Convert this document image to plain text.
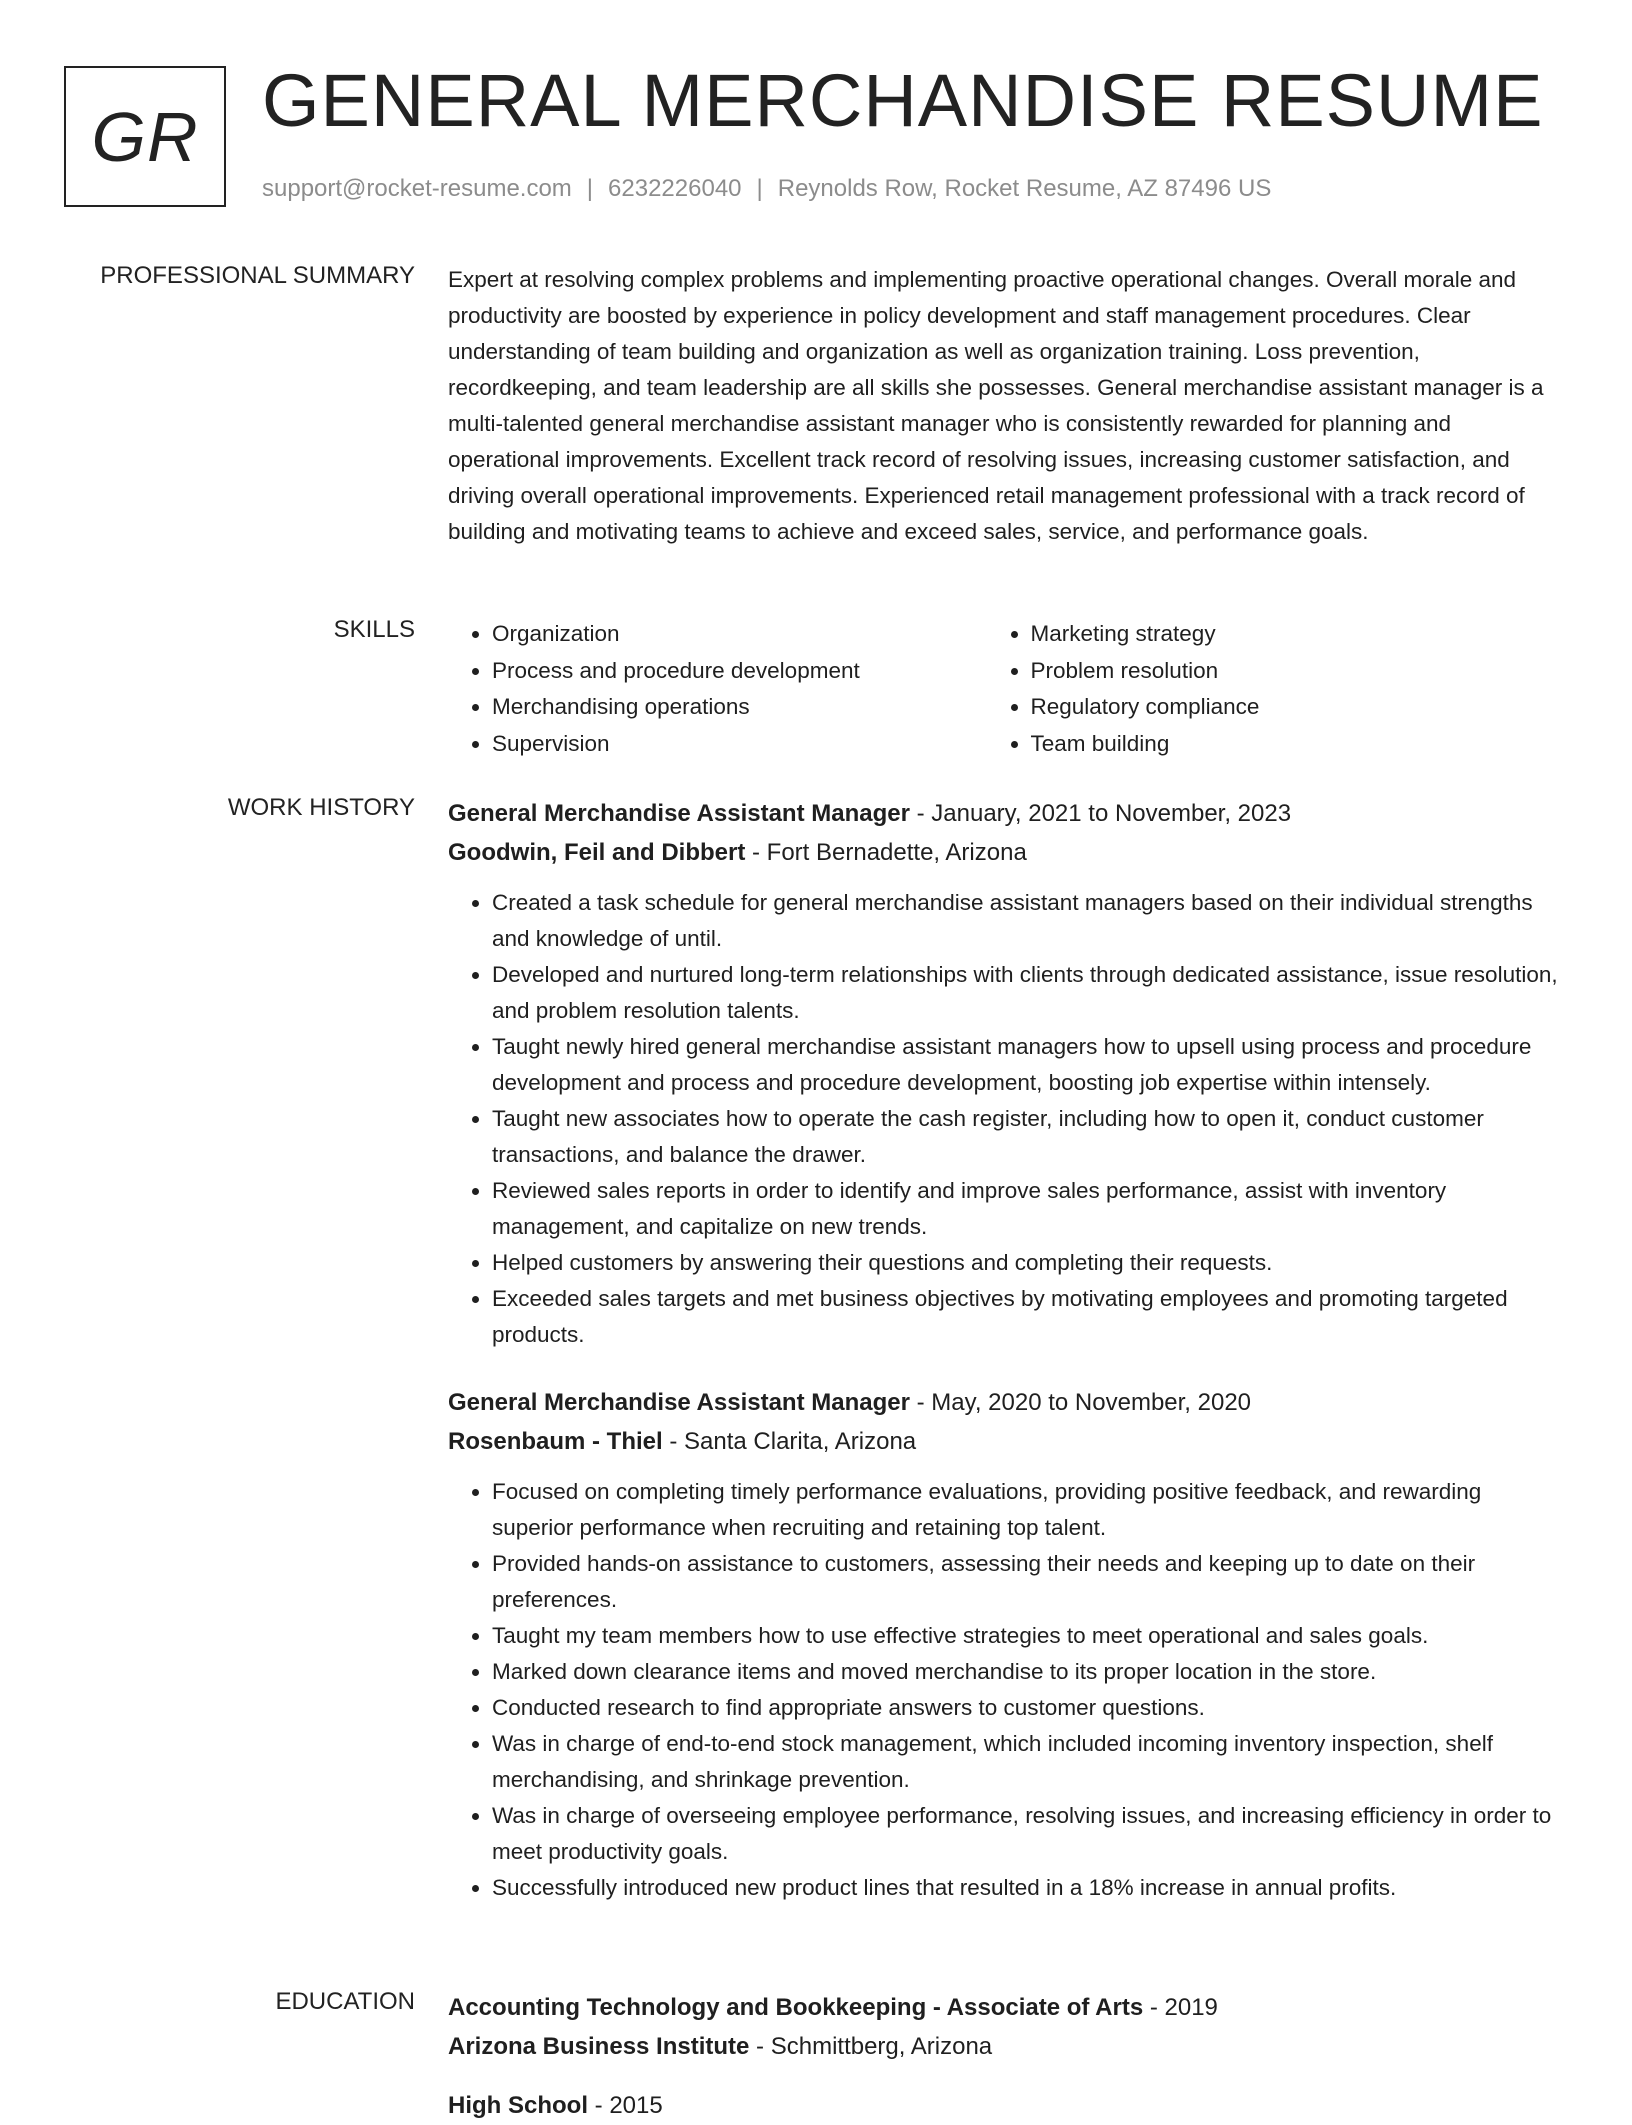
GR GENERAL MERCHANDISE RESUME
support@rocket-resume.com | 6232226040 | Reynolds Row, Rocket Resume, AZ 87496 US
PROFESSIONAL SUMMARY Expert at resolving complex problems and implementing proactive operational changes. Overall morale and productivity are boosted by experience in policy development and staff management procedures. Clear understanding of team building and organization as well as organization training. Loss prevention, recordkeeping, and team leadership are all skills she possesses. General merchandise assistant manager is a multi-talented general merchandise assistant manager who is consistently rewarded for planning and operational improvements. Excellent track record of resolving issues, increasing customer satisfaction, and driving overall operational improvements. Experienced retail management professional with a track record of building and motivating teams to achieve and exceed sales, service, and performance goals.

SKILLS
•	Organization
• Process and procedure development
• Merchandising operations
• Supervision
• Marketing strategy
• Problem resolution
• Regulatory compliance
• Team building
WORK HISTORY General Merchandise Assistant Manager - January, 2021 to November, 2023
Goodwin, Feil and Dibbert - Fort Bernadette, Arizona
• Created a task schedule for general merchandise assistant managers based on their individual strengths and knowledge of until.
• Developed and nurtured long-term relationships with clients through dedicated assistance, issue resolution, and problem resolution talents.
• Taught newly hired general merchandise assistant managers how to upsell using process and procedure development and process and procedure development, boosting job expertise within intensely.
• Taught new associates how to operate the cash register, including how to open it, conduct customer transactions, and balance the drawer.
• Reviewed sales reports in order to identify and improve sales performance, assist with inventory management, and capitalize on new trends.
• Helped customers by answering their questions and completing their requests.
• Exceeded sales targets and met business objectives by motivating employees and promoting targeted products.
General Merchandise Assistant Manager - May, 2020 to November, 2020
Rosenbaum - Thiel - Santa Clarita, Arizona
• Focused on completing timely performance evaluations, providing positive feedback, and rewarding superior performance when recruiting and retaining top talent.
• Provided hands-on assistance to customers, assessing their needs and keeping up to date on their preferences.
• Taught my team members how to use effective strategies to meet operational and sales goals.
• Marked down clearance items and moved merchandise to its proper location in the store.
• Conducted research to find appropriate answers to customer questions.
• Was in charge of end-to-end stock management, which included incoming inventory inspection, shelf merchandising, and shrinkage prevention.
• Was in charge of overseeing employee performance, resolving issues, and increasing efficiency in order to meet productivity goals.
• Successfully introduced new product lines that resulted in a 18% increase in annual profits.
EDUCATION Accounting Technology and Bookkeeping - Associate of Arts - 2019
Arizona Business Institute - Schmittberg, Arizona
High School - 2015
